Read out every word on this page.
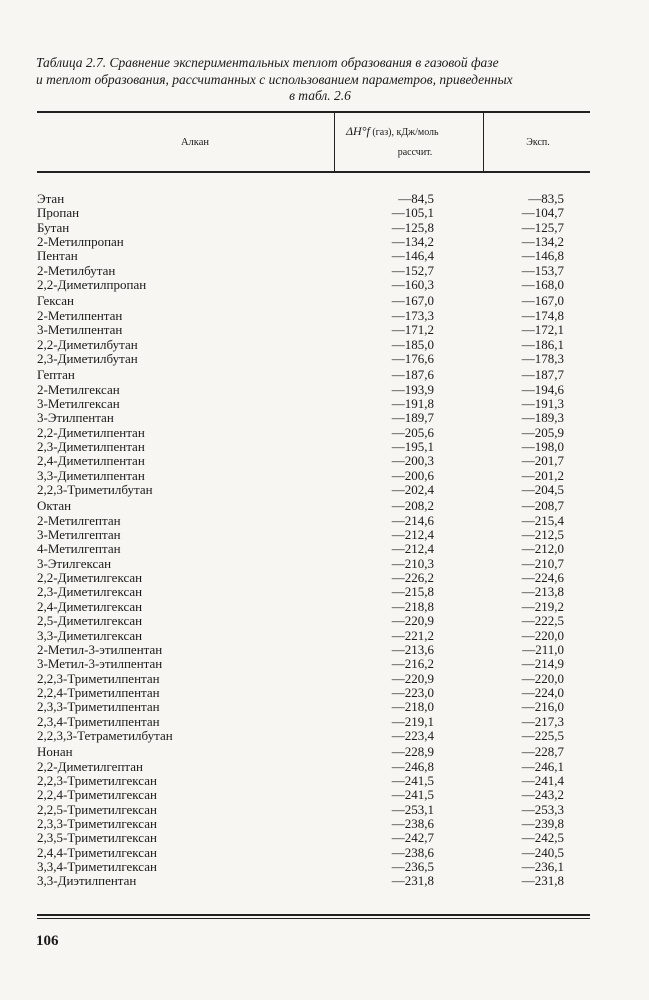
Таблица 2.7. Сравнение экспериментальных теплот образования в газовой фазе
и теплот образования, рассчитанных с использованием параметров, приведенных
в табл. 2.6
Алкан
ΔH°f (газ), кДж/моль
рассчит.
Эксп.
Этан	—84,5	—83,5
Пропан	—105,1	—104,7
Бутан	—125,8	—125,7
2-Метилпропан	—134,2	—134,2
Пентан	—146,4	—146,8
2-Метилбутан	—152,7	—153,7
2,2-Диметилпропан	—160,3	—168,0
Гексан	—167,0	—167,0
2-Метилпентан	—173,3	—174,8
3-Метилпентан	—171,2	—172,1
2,2-Диметилбутан	—185,0	—186,1
2,3-Диметилбутан	—176,6	—178,3
Гептан	—187,6	—187,7
2-Метилгексан	—193,9	—194,6
3-Метилгексан	—191,8	—191,3
3-Этилпентан	—189,7	—189,3
2,2-Диметилпентан	—205,6	—205,9
2,3-Диметилпентан	—195,1	—198,0
2,4-Диметилпентан	—200,3	—201,7
3,3-Диметилпентан	—200,6	—201,2
2,2,3-Триметилбутан	—202,4	—204,5
Октан	—208,2	—208,7
2-Метилгептан	—214,6	—215,4
3-Метилгептан	—212,4	—212,5
4-Метилгептан	—212,4	—212,0
3-Этилгексан	—210,3	—210,7
2,2-Диметилгексан	—226,2	—224,6
2,3-Диметилгексан	—215,8	—213,8
2,4-Диметилгексан	—218,8	—219,2
2,5-Диметилгексан	—220,9	—222,5
3,3-Диметилгексан	—221,2	—220,0
2-Метил-3-этилпентан	—213,6	—211,0
3-Метил-3-этилпентан	—216,2	—214,9
2,2,3-Триметилпентан	—220,9	—220,0
2,2,4-Триметилпентан	—223,0	—224,0
2,3,3-Триметилпентан	—218,0	—216,0
2,3,4-Триметилпентан	—219,1	—217,3
2,2,3,3-Тетраметилбутан	—223,4	—225,5
Нонан	—228,9	—228,7
2,2-Диметилгептан	—246,8	—246,1
2,2,3-Триметилгексан	—241,5	—241,4
2,2,4-Триметилгексан	—241,5	—243,2
2,2,5-Триметилгексан	—253,1	—253,3
2,3,3-Триметилгексан	—238,6	—239,8
2,3,5-Триметилгексан	—242,7	—242,5
2,4,4-Триметилгексан	—238,6	—240,5
3,3,4-Триметилгексан	—236,5	—236,1
3,3-Диэтилпентан	—231,8	—231,8
106
